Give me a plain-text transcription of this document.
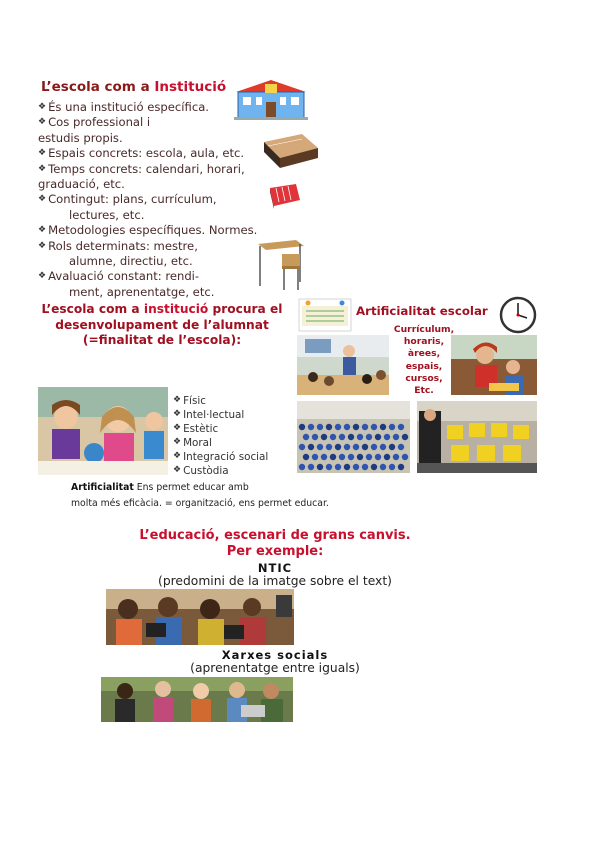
L’escola com a Institució
❖ És una institució específica.
❖ Cos professional i
estudis propis.
❖ Espais concrets: escola, aula, etc.
❖ Temps concrets: calendari, horari,
graduació, etc.
❖ Contingut: plans, currículum,
lectures, etc.
❖ Metodologies específiques. Normes.
❖ Rols determinats: mestre,
alumne, directiu, etc.
❖ Avaluació constant: rendi-
ment, aprenentatge, etc.
L’escola com a institució procura el
desenvolupament de l’alumnat
(=finalitat de l’escola):
Artificialitat escolar
Currículum,
horaris,
àrees,
espais,
cursos,
Etc.
❖ Físic
❖ Intel·lectual
❖ Estètic
❖ Moral
❖ Integració social
❖ Custòdia
Artificialitat Ens permet educar amb
molta més eficàcia. = organització, ens permet educar.
L’educació, escenari de grans canvis.
Per exemple:
NTIC
(predomini de la imatge sobre el text)
Xarxes socials
(aprenentatge entre iguals)
